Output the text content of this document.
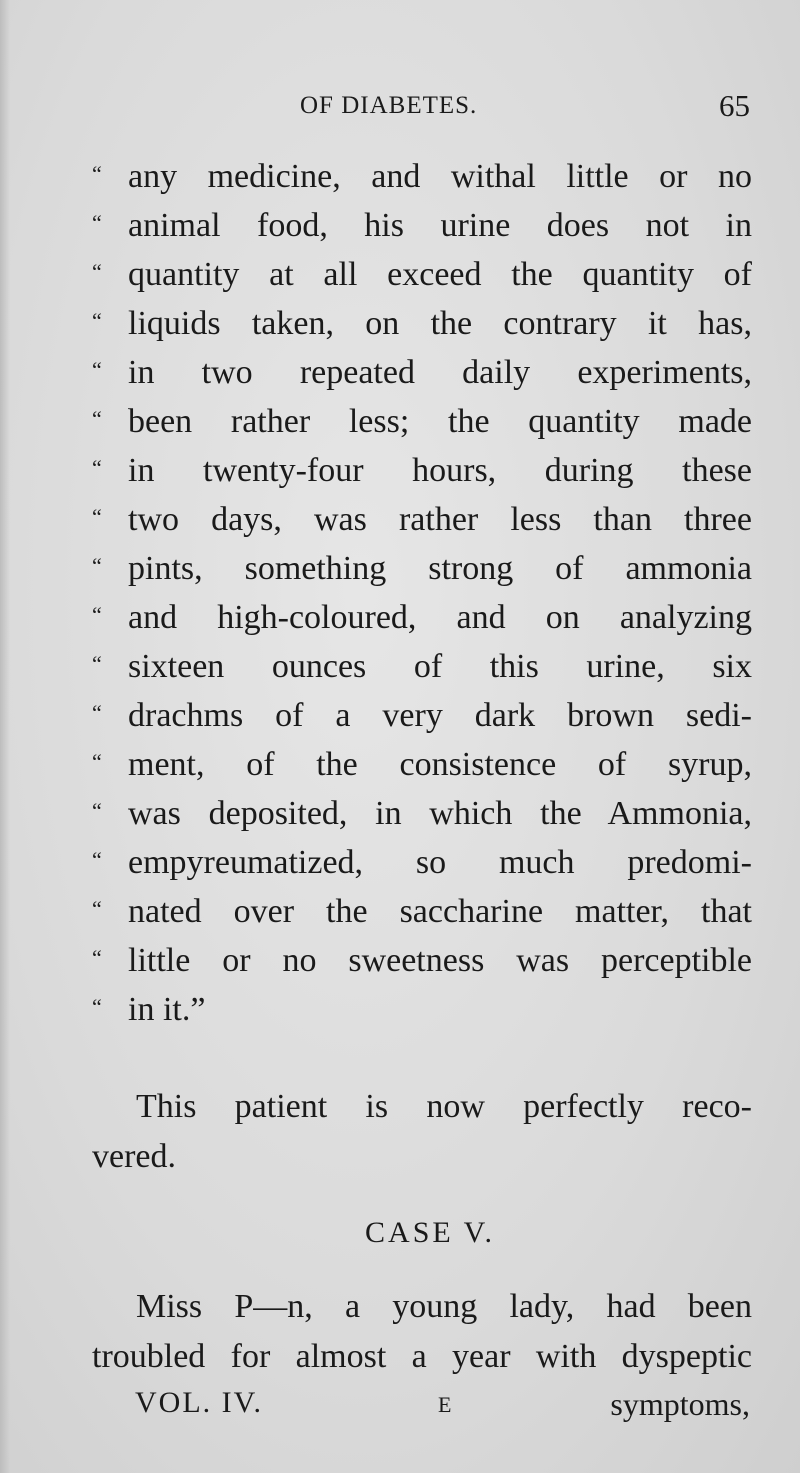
OF DIABETES.	65
“ any medicine, and withal little or no
“ animal food, his urine does not in
“ quantity at all exceed the quantity of
“ liquids taken, on the contrary it has,
“ in two repeated daily experiments,
“ been rather less; the quantity made
“ in twenty-four hours, during these
“ two days, was rather less than three
“ pints, something strong of ammonia
“ and high-coloured, and on analyzing
“ sixteen ounces of this urine, six
“ drachms of a very dark brown sedi-
“ ment, of the consistence of syrup,
“ was deposited, in which the Ammonia,
“ empyreumatized, so much predomi-
“ nated over the saccharine matter, that
“ little or no sweetness was perceptible
“ in it.”

This patient is now perfectly reco-
vered.

CASE V.

Miss P—n, a young lady, had been
troubled for almost a year with dyspeptic

VOL. IV.	E	symptoms,
